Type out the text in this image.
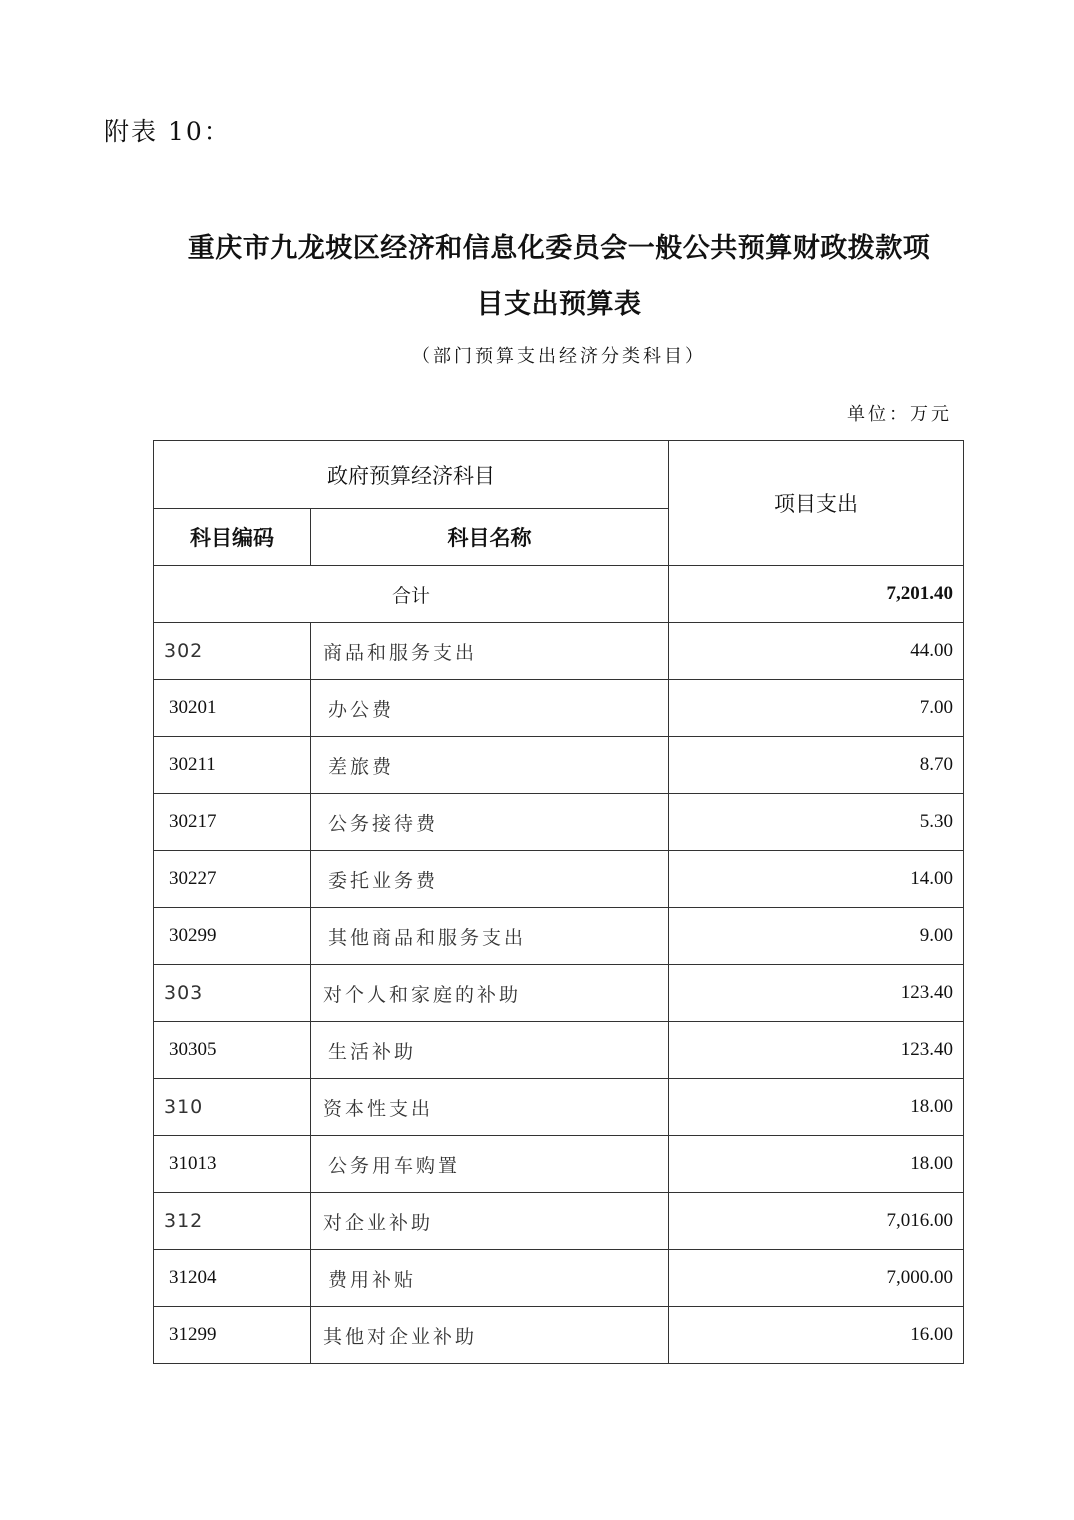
附表 10：
重庆市九龙坡区经济和信息化委员会一般公共预算财政拨款项
目支出预算表
（部门预算支出经济分类科目）
单位：万元
政府预算经济科目		项目支出
科目编码	科目名称	
合计		7,201.40
302	商品和服务支出	44.00
30201	办公费	7.00
30211	差旅费	8.70
30217	公务接待费	5.30
30227	委托业务费	14.00
30299	其他商品和服务支出	9.00
303	对个人和家庭的补助	123.40
30305	生活补助	123.40
310	资本性支出	18.00
31013	公务用车购置	18.00
312	对企业补助	7,016.00
31204	费用补贴	7,000.00
31299	其他对企业补助	16.00
